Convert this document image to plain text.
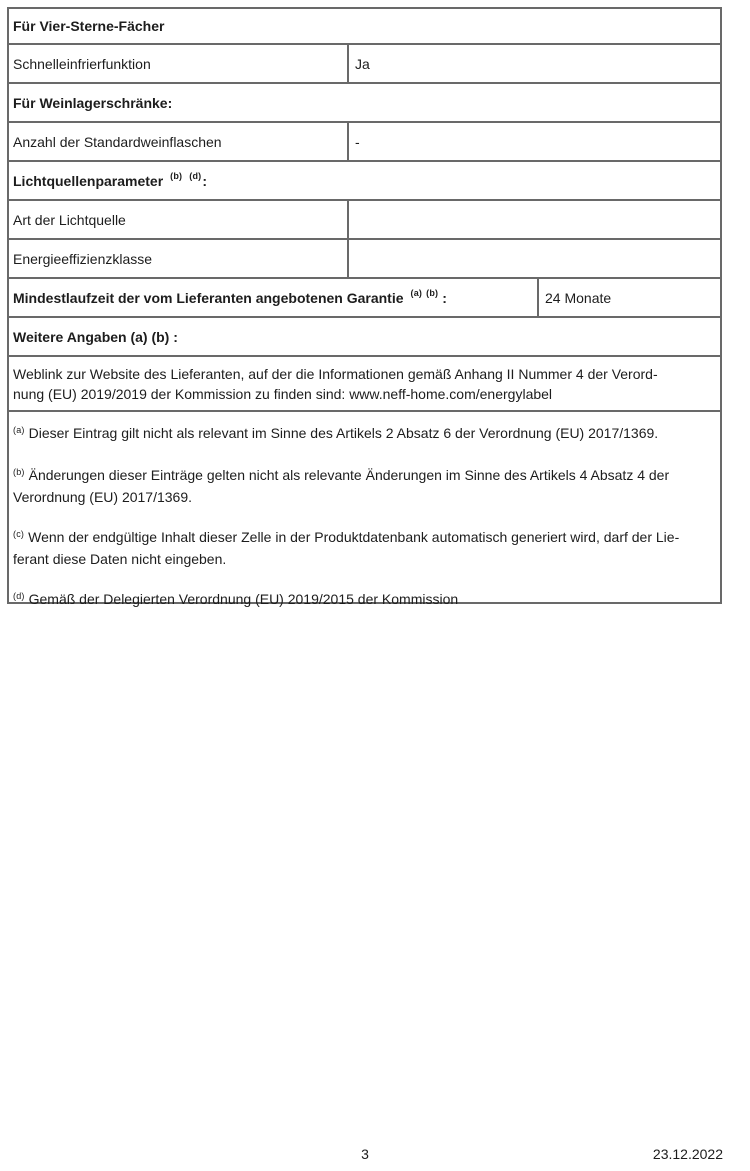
Für Vier-Sterne-Fächer
Schnelleinfrierfunktion	Ja
Für Weinlagerschränke:
Anzahl der Standardweinflaschen	-
Lichtquellenparameter (b) (d) :
Art der Lichtquelle
Energieeffizienzklasse
Mindestlaufzeit der vom Lieferanten angebotenen Garantie (a) (b) :	24 Monate
Weitere Angaben (a) (b) :
Weblink zur Website des Lieferanten, auf der die Informationen gemäß Anhang II Nummer 4 der Verord-
nung (EU) 2019/2019 der Kommission zu finden sind: www.neff-home.com/energylabel
$^{(a)}$ Dieser Eintrag gilt nicht als relevant im Sinne des Artikels 2 Absatz 6 der Verordnung (EU) 2017/1369.
$^{(b)}$ Änderungen dieser Einträge gelten nicht als relevante Änderungen im Sinne des Artikels 4 Absatz 4 der
Verordnung (EU) 2017/1369.
$^{(c)}$ Wenn der endgültige Inhalt dieser Zelle in der Produktdatenbank automatisch generiert wird, darf der Lie-
ferant diese Daten nicht eingeben.
$^{(d)}$ Gemäß der Delegierten Verordnung (EU) 2019/2015 der Kommission
3	23.12.2022
